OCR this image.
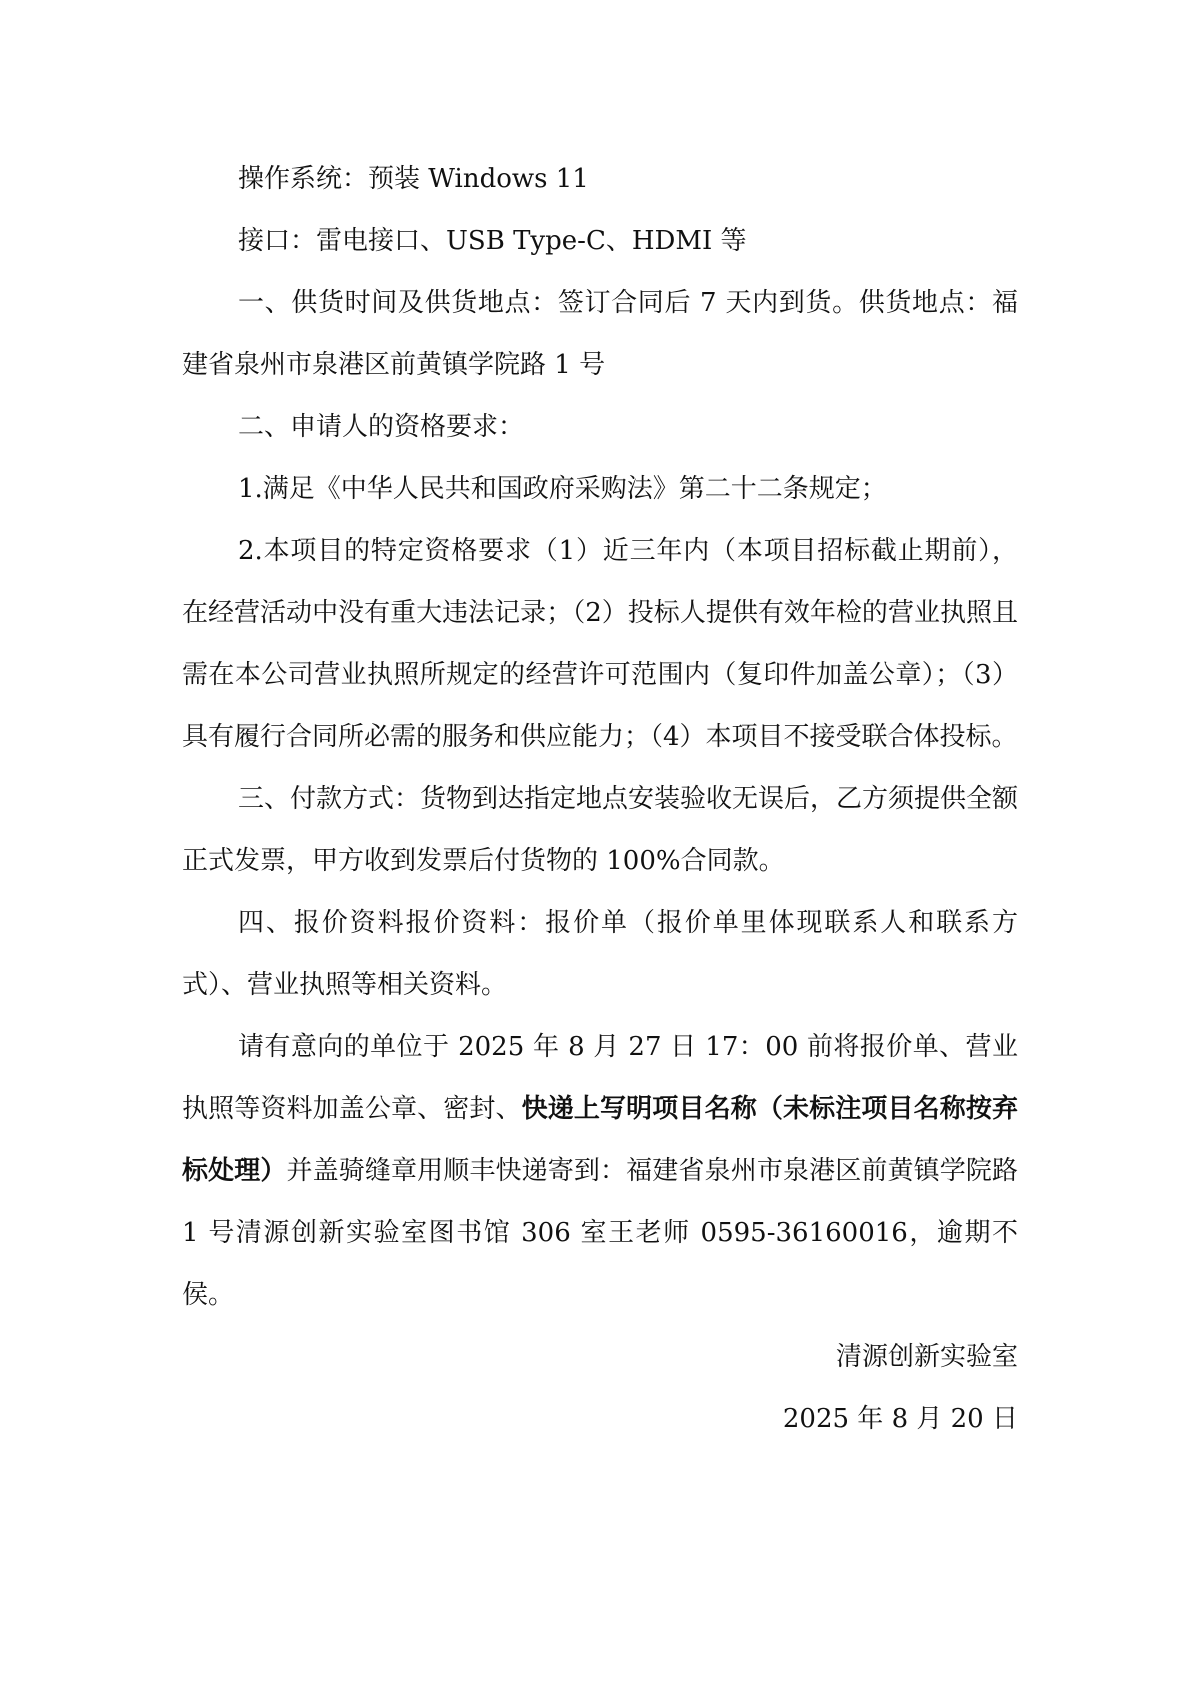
操作系统：预装 Windows 11

接口：雷电接口、USB Type-C、HDMI 等

一、供货时间及供货地点：签订合同后 7 天内到货。供货地点：福建省泉州市泉港区前黄镇学院路 1 号

二、申请人的资格要求：

1.满足《中华人民共和国政府采购法》第二十二条规定；

2.本项目的特定资格要求（1）近三年内（本项目招标截止期前），在经营活动中没有重大违法记录；（2）投标人提供有效年检的营业执照且需在本公司营业执照所规定的经营许可范围内（复印件加盖公章）；（3）具有履行合同所必需的服务和供应能力；（4）本项目不接受联合体投标。

三、付款方式：货物到达指定地点安装验收无误后，乙方须提供全额正式发票，甲方收到发票后付货物的 100%合同款。

四、报价资料报价资料：报价单（报价单里体现联系人和联系方式）、营业执照等相关资料。

请有意向的单位于 2025 年 8 月 27 日 17：00 前将报价单、营业执照等资料加盖公章、密封、快递上写明项目名称（未标注项目名称按弃标处理）并盖骑缝章用顺丰快递寄到：福建省泉州市泉港区前黄镇学院路 1 号清源创新实验室图书馆 306 室王老师 0595-36160016，逾期不侯。

清源创新实验室

2025 年 8 月 20 日
